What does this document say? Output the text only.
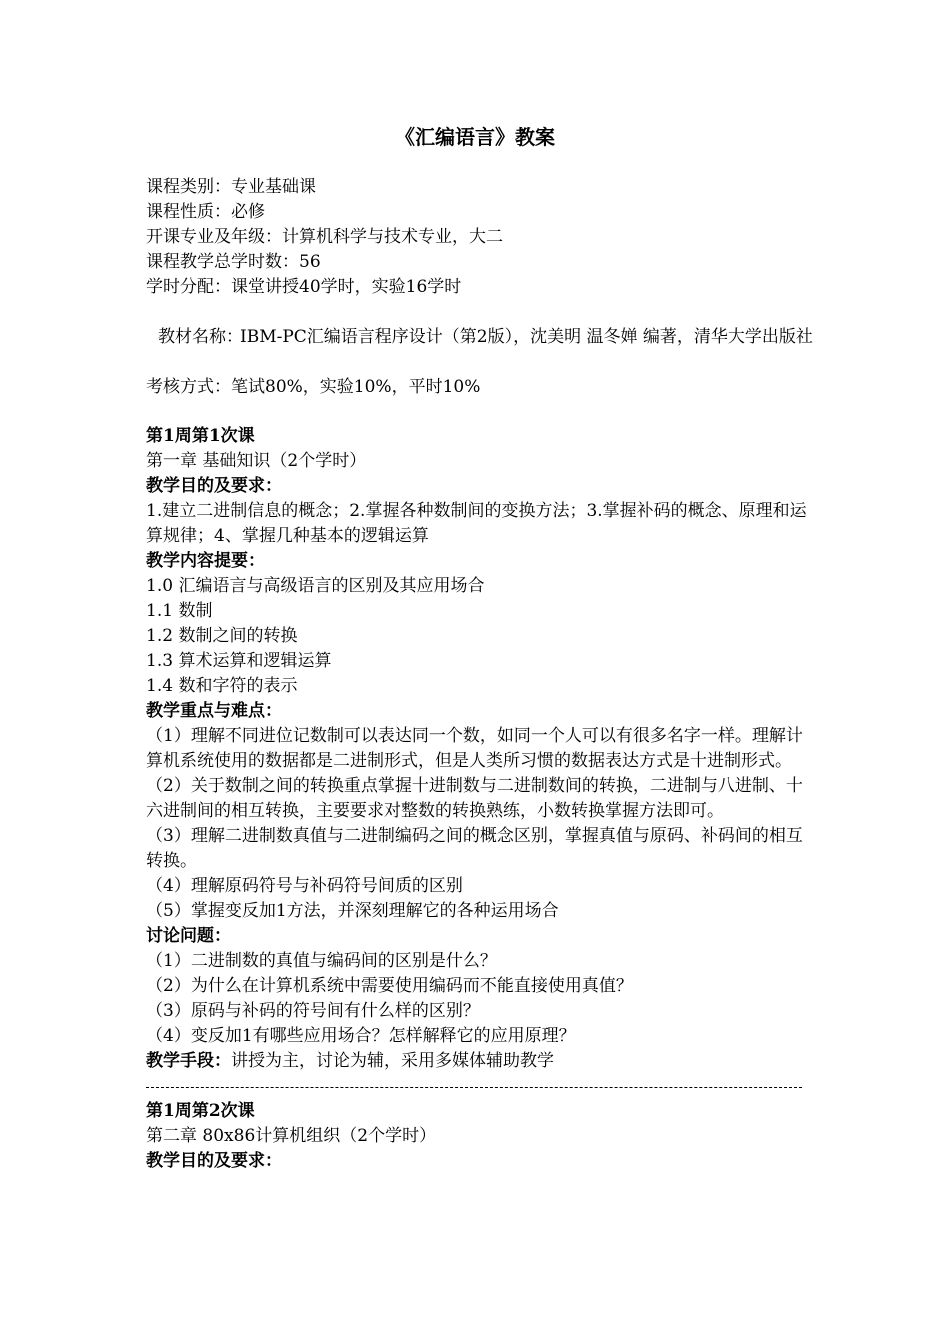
《汇编语言》教案
课程类别：专业基础课
课程性质：必修
开课专业及年级：计算机科学与技术专业，大二
课程教学总学时数：56
学时分配：课堂讲授40学时，实验16学时
教材名称：
IBM-PC汇编语言程序设计（第2版），沈美明 温冬婵 编著，清华大学出版社
考核方式：笔试80%，实验10%，平时10%
第1周第1次课
第一章 基础知识（2个学时）
教学目的及要求：
1.建立二进制信息的概念；2.掌握各种数制间的变换方法；3.掌握补码的概念、原理和运算规律；4、掌握几种基本的逻辑运算
教学内容提要：
1.0 汇编语言与高级语言的区别及其应用场合
1.1 数制
1.2 数制之间的转换
1.3 算术运算和逻辑运算
1.4 数和字符的表示
教学重点与难点：
（1）理解不同进位记数制可以表达同一个数，如同一个人可以有很多名字一样。理解计算机系统使用的数据都是二进制形式，但是人类所习惯的数据表达方式是十进制形式。
（2）关于数制之间的转换重点掌握十进制数与二进制数间的转换，二进制与八进制、十六进制间的相互转换，主要要求对整数的转换熟练，小数转换掌握方法即可。
（3）理解二进制数真值与二进制编码之间的概念区别，掌握真值与原码、补码间的相互转换。
（4）理解原码符号与补码符号间质的区别
（5）掌握变反加1方法，并深刻理解它的各种运用场合
讨论问题：
（1）二进制数的真值与编码间的区别是什么？
（2）为什么在计算机系统中需要使用编码而不能直接使用真值？
（3）原码与补码的符号间有什么样的区别？
（4）变反加1有哪些应用场合？怎样解释它的应用原理？
教学手段：讲授为主，讨论为辅，采用多媒体辅助教学
第1周第2次课
第二章 80x86计算机组织（2个学时）
教学目的及要求：
